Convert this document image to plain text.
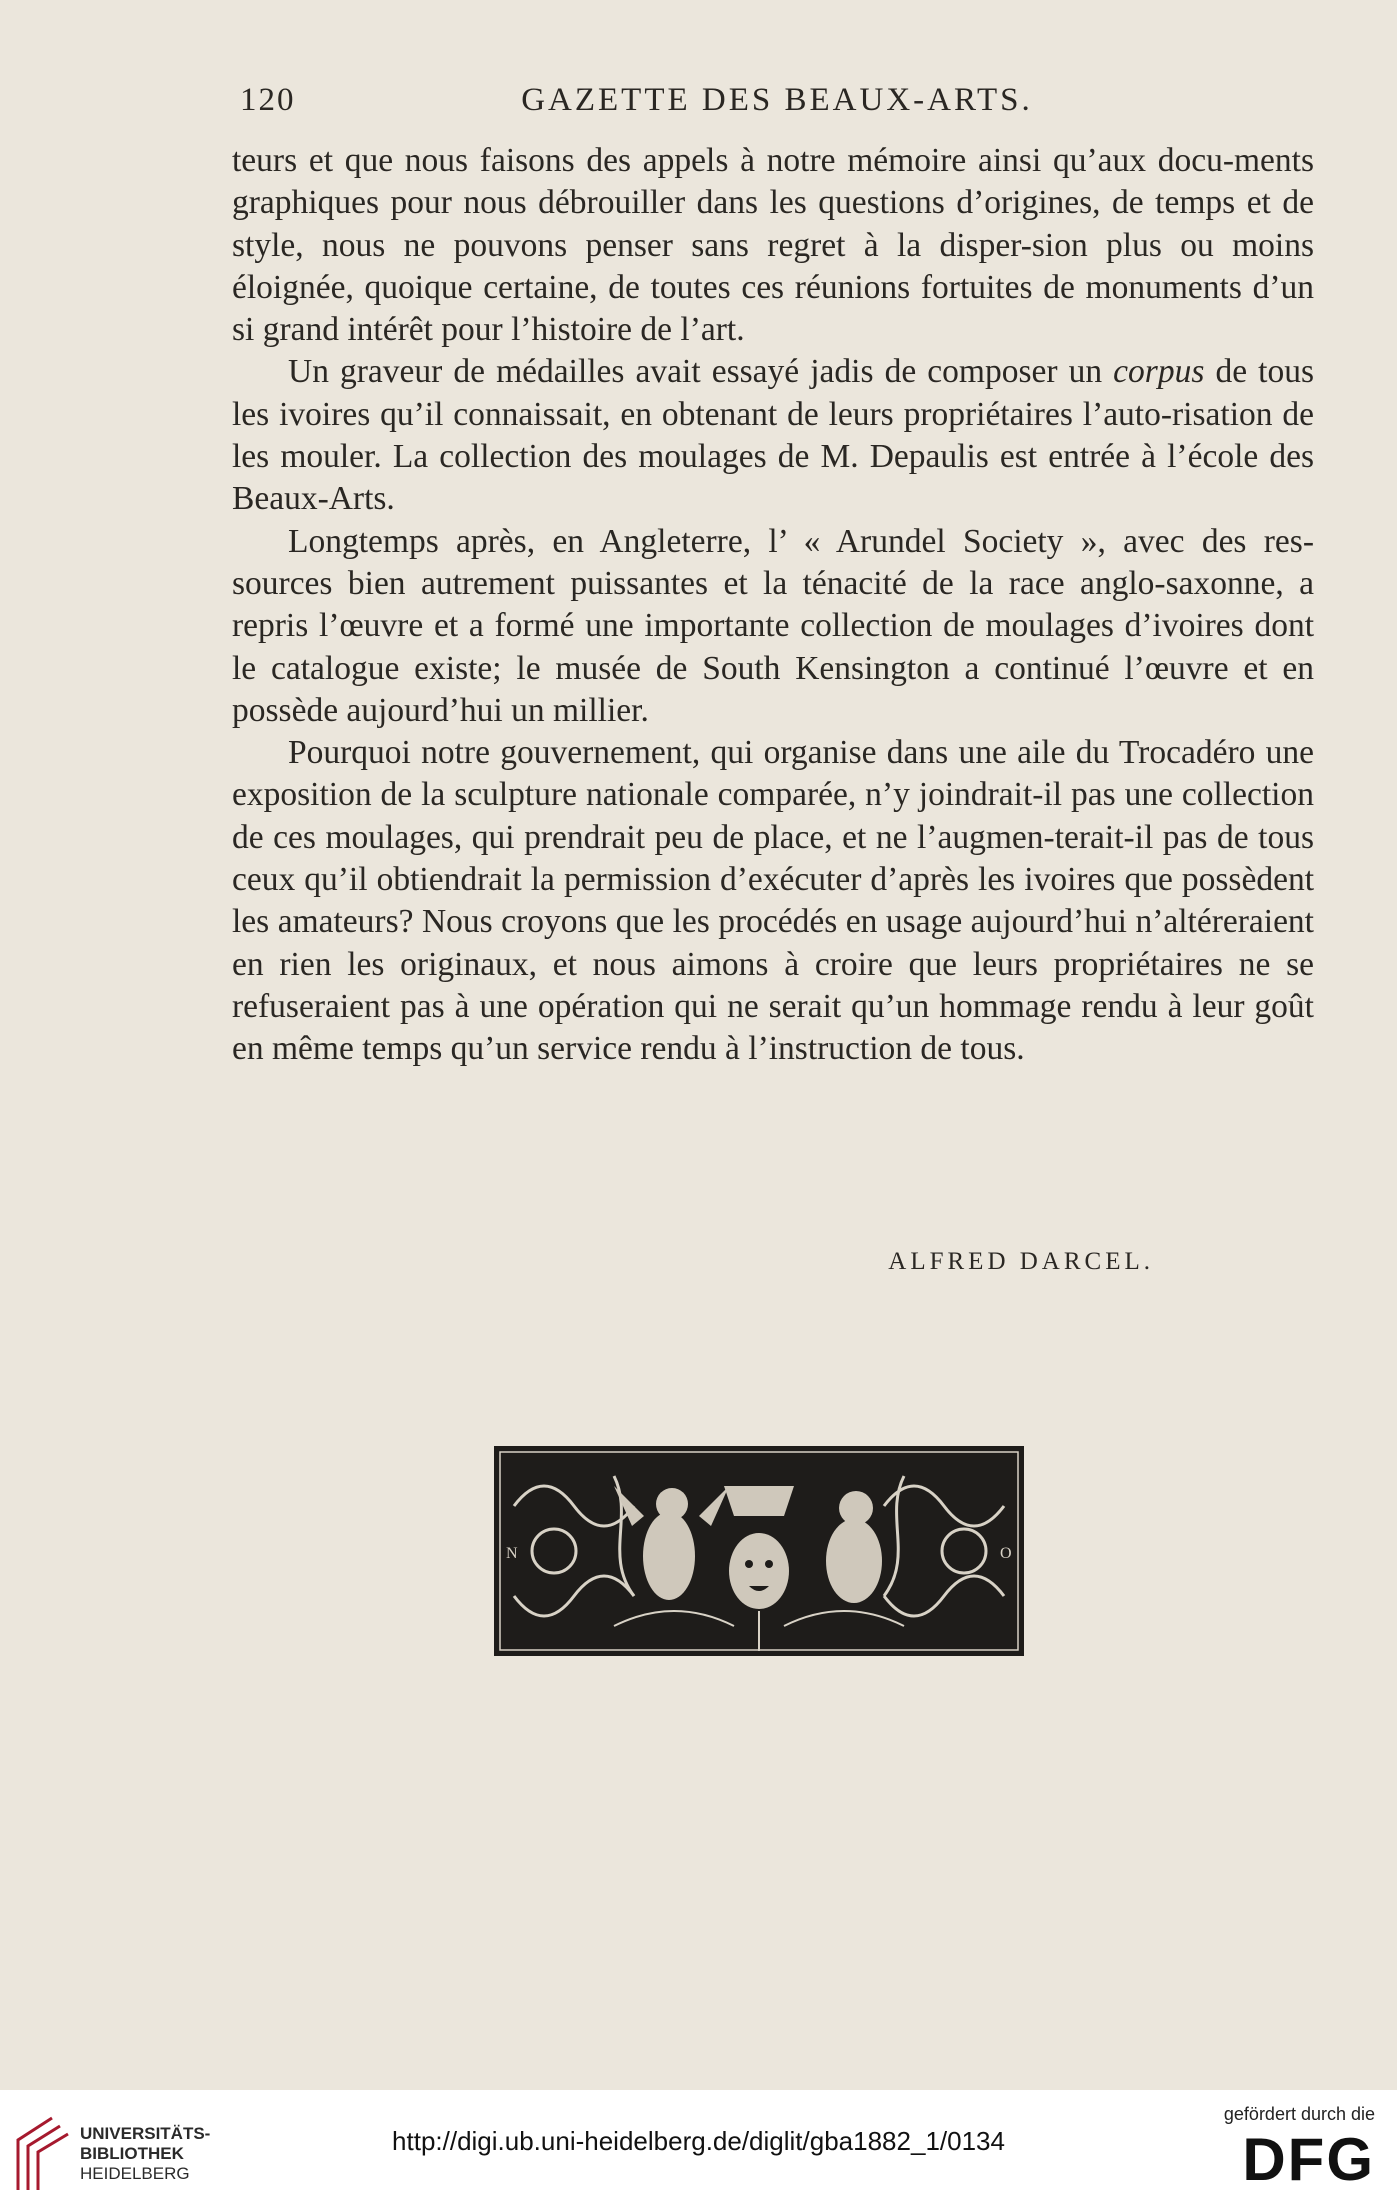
120	GAZETTE DES BEAUX-ARTS.

teurs et que nous faisons des appels à notre mémoire ainsi qu’aux docu-ments graphiques pour nous débrouiller dans les questions d’origines, de temps et de style, nous ne pouvons penser sans regret à la disper-sion plus ou moins éloignée, quoique certaine, de toutes ces réunions fortuites de monuments d’un si grand intérêt pour l’histoire de l’art.

Un graveur de médailles avait essayé jadis de composer un corpus de tous les ivoires qu’il connaissait, en obtenant de leurs propriétaires l’auto-risation de les mouler. La collection des moulages de M. Depaulis est entrée à l’école des Beaux-Arts.

Longtemps après, en Angleterre, l’ « Arundel Society », avec des res-sources bien autrement puissantes et la ténacité de la race anglo-saxonne, a repris l’œuvre et a formé une importante collection de moulages d’ivoires dont le catalogue existe; le musée de South Kensington a continué l’œuvre et en possède aujourd’hui un millier.

Pourquoi notre gouvernement, qui organise dans une aile du Trocadéro une exposition de la sculpture nationale comparée, n’y joindrait-il pas une collection de ces moulages, qui prendrait peu de place, et ne l’augmen-terait-il pas de tous ceux qu’il obtiendrait la permission d’exécuter d’après les ivoires que possèdent les amateurs? Nous croyons que les procédés en usage aujourd’hui n’altéreraient en rien les originaux, et nous aimons à croire que leurs propriétaires ne se refuseraient pas à une opération qui ne serait qu’un hommage rendu à leur goût en même temps qu’un service rendu à l’instruction de tous.

ALFRED DARCEL.
N	O
UNIVERSITÄTS-
BIBLIOTHEK
HEIDELBERG
http://digi.ub.uni-heidelberg.de/diglit/gba1882_1/0134
gefördert durch die
DFG
